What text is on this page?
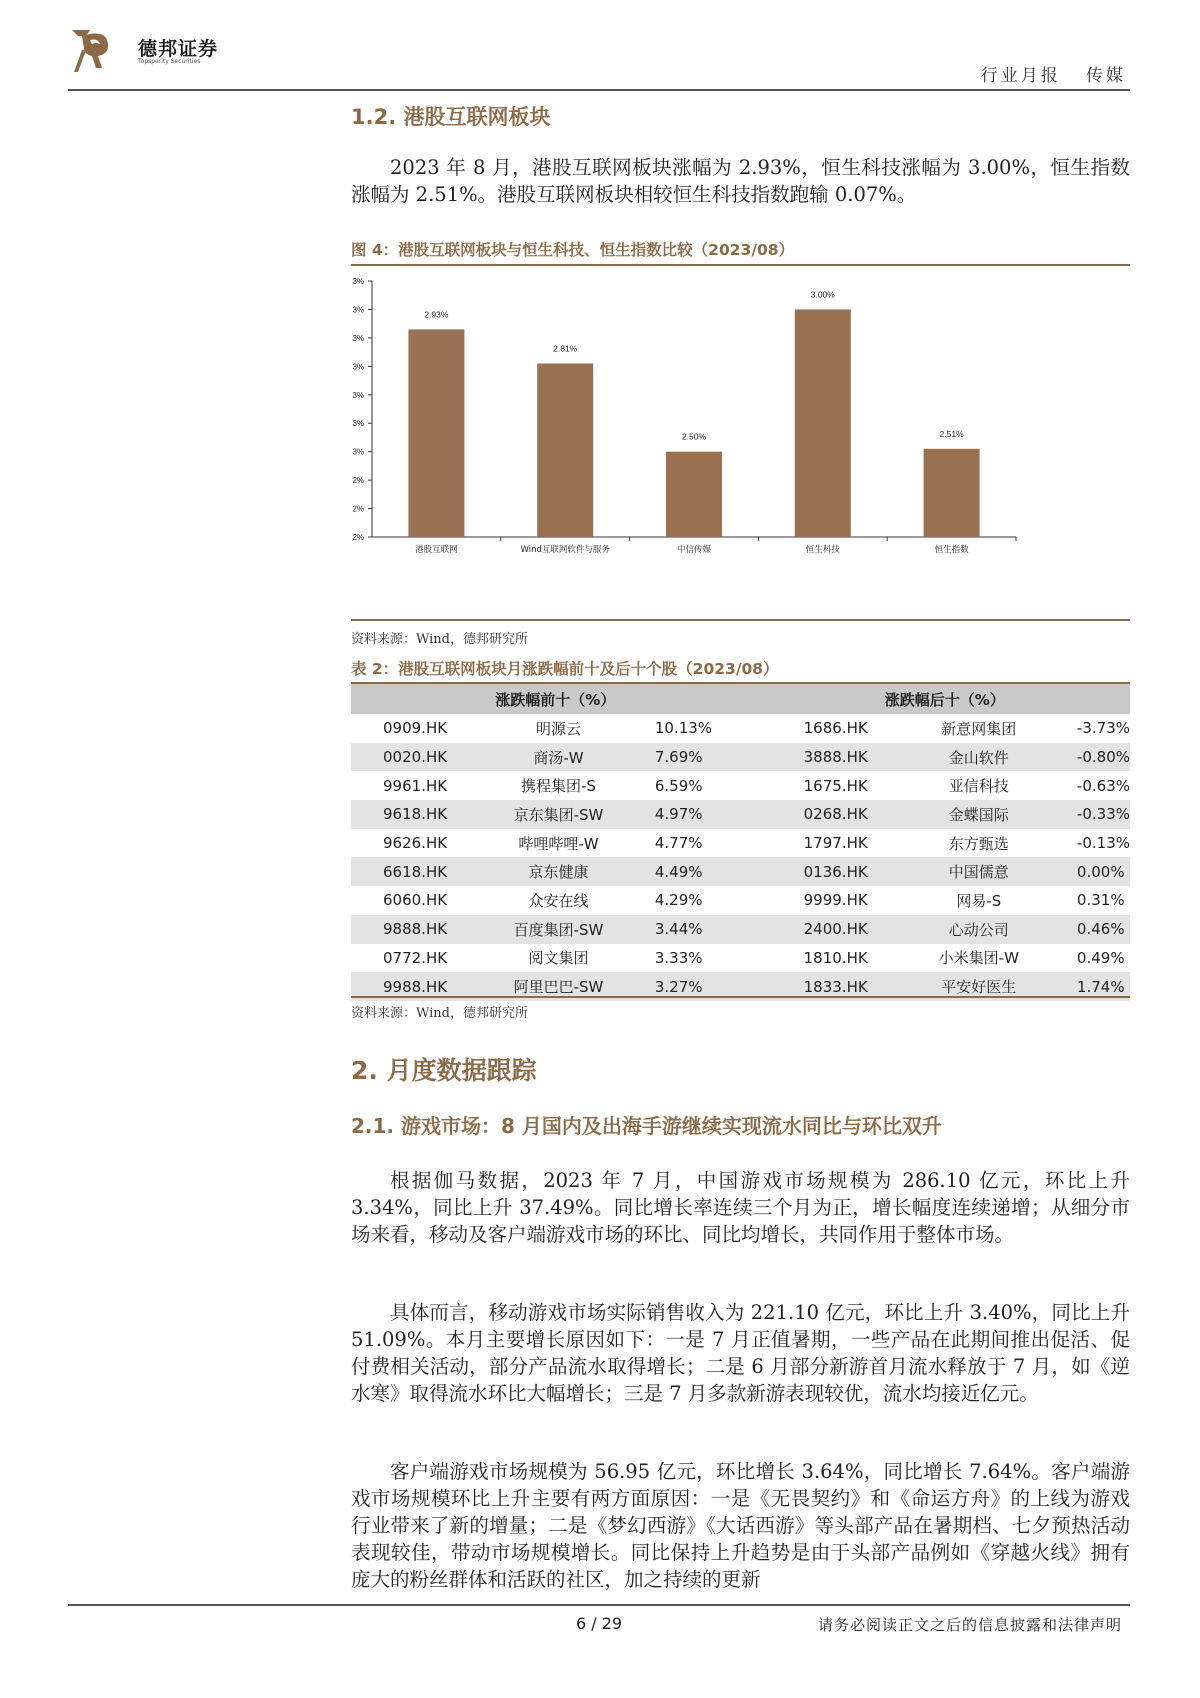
德邦证券
Topsperity Securities
行业月报   传媒
1.2. 港股互联网板块

2023 年 8 月，港股互联网板块涨幅为 2.93%，恒生科技涨幅为 3.00%，恒生指数涨幅为 2.51%。港股互联网板块相较恒生科技指数跑输 0.07%。

图 4：港股互联网板块与恒生科技、恒生指数比较（2023/08）
2%
2%
2%
3%
3%
3%
3%
3%
3%
3%
2.93%
2.81%
2.50%
3.00%
2.51%
港股互联网	Wind互联网软件与服务	中信传媒	恒生科技	恒生指数
资料来源：Wind，德邦研究所
表 2：港股互联网板块月涨跌幅前十及后十个股（2023/08）
涨跌幅前十（%）			涨跌幅后十（%）		
0909.HK	明源云	10.13%	1686.HK	新意网集团	-3.73%
0020.HK	商汤-W	7.69%	3888.HK	金山软件	-0.80%
9961.HK	携程集团-S	6.59%	1675.HK	亚信科技	-0.63%
9618.HK	京东集团-SW	4.97%	0268.HK	金蝶国际	-0.33%
9626.HK	哔哩哔哩-W	4.77%	1797.HK	东方甄选	-0.13%
6618.HK	京东健康	4.49%	0136.HK	中国儒意	0.00%
6060.HK	众安在线	4.29%	9999.HK	网易-S	0.31%
9888.HK	百度集团-SW	3.44%	2400.HK	心动公司	0.46%
0772.HK	阅文集团	3.33%	1810.HK	小米集团-W	0.49%
9988.HK	阿里巴巴-SW	3.27%	1833.HK	平安好医生	1.74%
资料来源：Wind，德邦研究所
2. 月度数据跟踪
2.1. 游戏市场：8 月国内及出海手游继续实现流水同比与环比双升

根据伽马数据，2023 年 7 月，中国游戏市场规模为 286.10 亿元，环比上升 3.34%，同比上升 37.49%。同比增长率连续三个月为正，增长幅度连续递增；从细分市场来看，移动及客户端游戏市场的环比、同比均增长，共同作用于整体市场。

具体而言，移动游戏市场实际销售收入为 221.10 亿元，环比上升 3.40%，同比上升 51.09%。本月主要增长原因如下：一是 7 月正值暑期，一些产品在此期间推出促活、促付费相关活动，部分产品流水取得增长；二是 6 月部分新游首月流水释放于 7 月，如《逆水寒》取得流水环比大幅增长；三是 7 月多款新游表现较优，流水均接近亿元。

客户端游戏市场规模为 56.95 亿元，环比增长 3.64%，同比增长 7.64%。客户端游戏市场规模环比上升主要有两方面原因：一是《无畏契约》和《命运方舟》的上线为游戏行业带来了新的增量；二是《梦幻西游》《大话西游》等头部产品在暑期档、七夕预热活动表现较佳，带动市场规模增长。同比保持上升趋势是由于头部产品例如《穿越火线》拥有庞大的粉丝群体和活跃的社区，加之持续的更新

6 / 29	请务必阅读正文之后的信息披露和法律声明
